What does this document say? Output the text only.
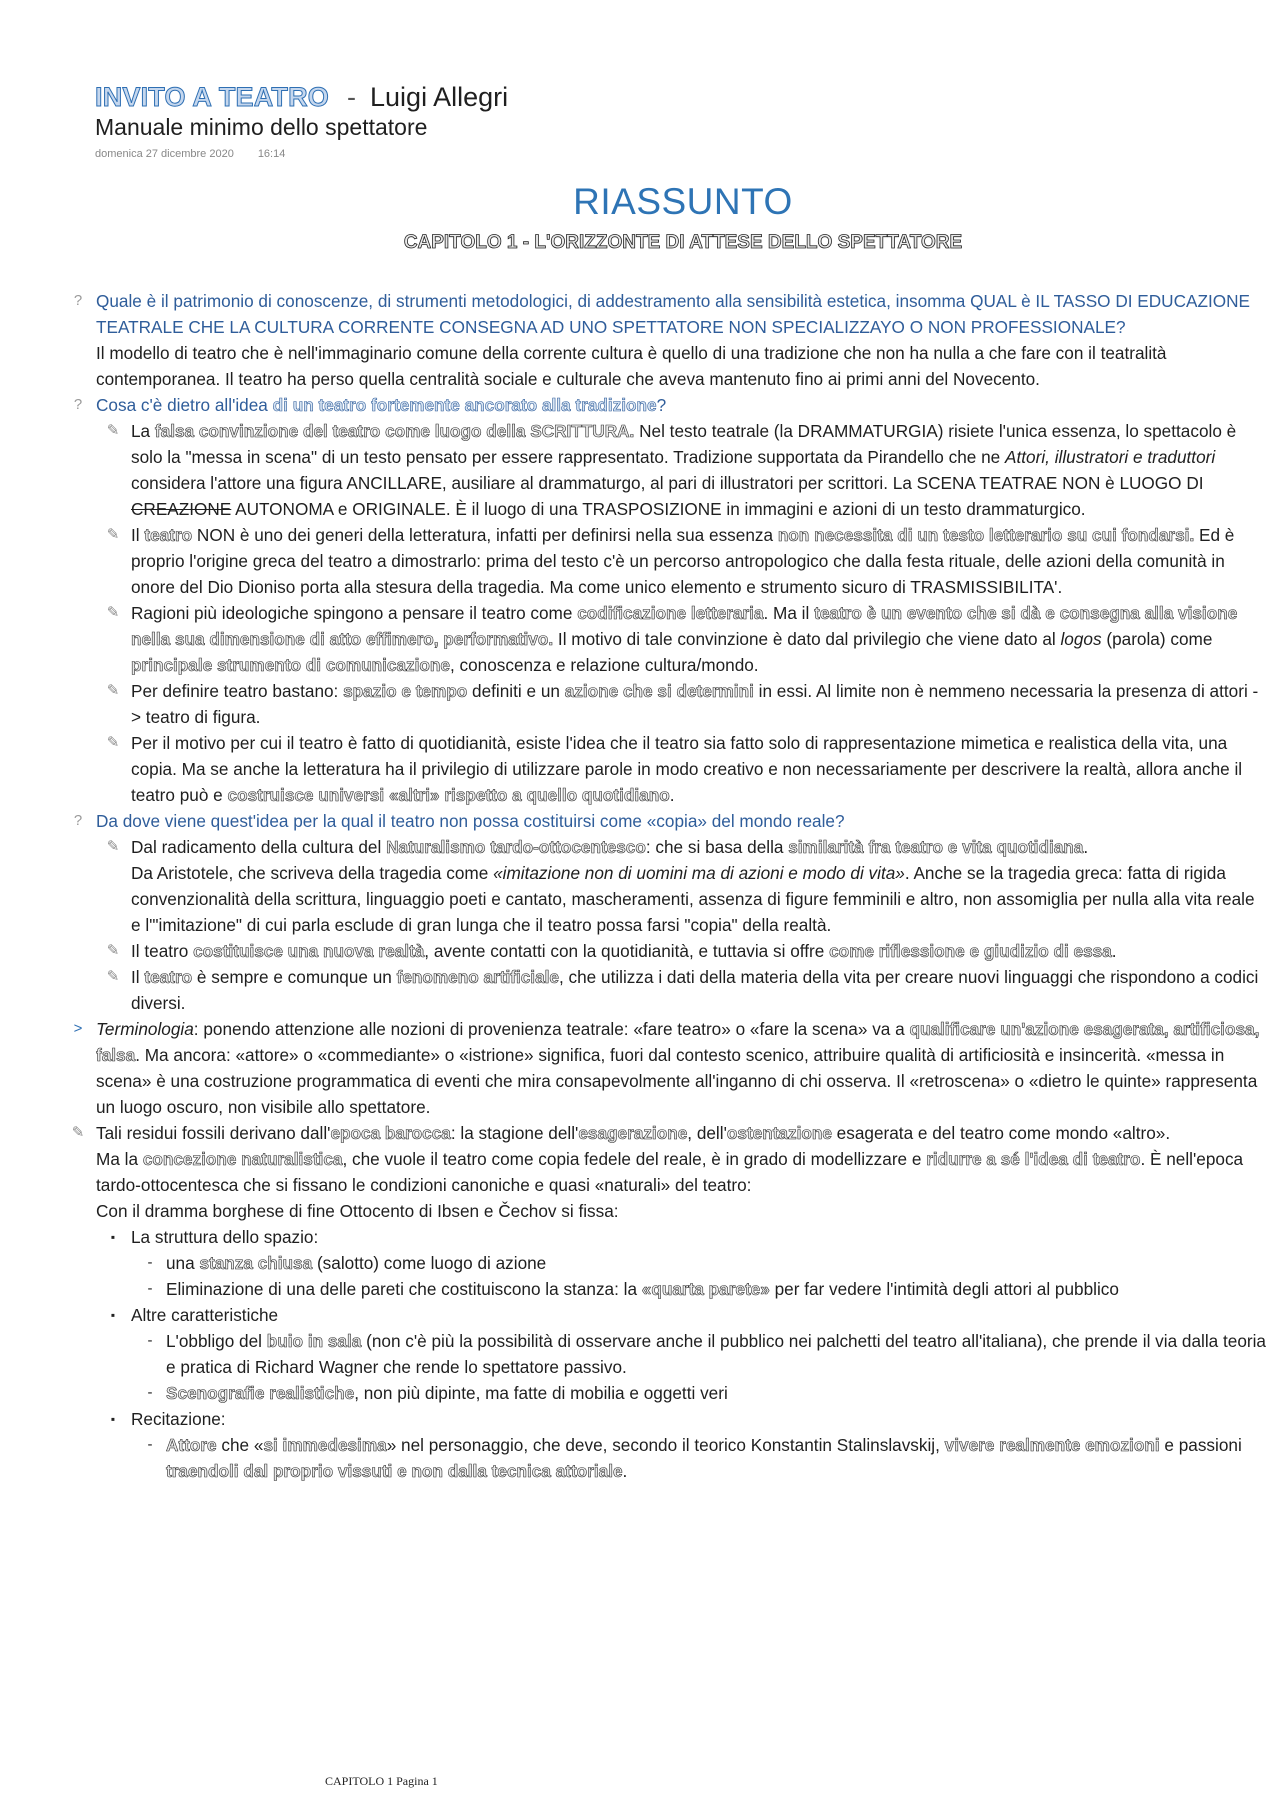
INVITO A TEATRO - Luigi Allegri
Manuale minimo dello spettatore
domenica 27 dicembre 2020 16:14
RIASSUNTO
CAPITOLO 1 - L'ORIZZONTE DI ATTESE DELLO SPETTATORE
? Quale è il patrimonio di conoscenze, di strumenti metodologici, di addestramento alla sensibilità estetica, insomma QUAL è IL TASSO DI EDUCAZIONE TEATRALE CHE LA CULTURA CORRENTE CONSEGNA AD UNO SPETTATORE NON SPECIALIZZAYO O NON PROFESSIONALE?
Il modello di teatro che è nell'immaginario comune della corrente cultura è quello di una tradizione che non ha nulla a che fare con il teatralità contemporanea. Il teatro ha perso quella centralità sociale e culturale che aveva mantenuto fino ai primi anni del Novecento.
? Cosa c'è dietro all'idea di un teatro fortemente ancorato alla tradizione?
✎ La falsa convinzione del teatro come luogo della SCRITTURA. Nel testo teatrale (la DRAMMATURGIA) risiete l'unica essenza, lo spettacolo è solo la "messa in scena" di un testo pensato per essere rappresentato. Tradizione supportata da Pirandello che ne Attori, illustratori e traduttori considera l'attore una figura ANCILLARE, ausiliare al drammaturgo, al pari di illustratori per scrittori. La SCENA TEATRAE NON è LUOGO DI CREAZIONE AUTONOMA e ORIGINALE. È il luogo di una TRASPOSIZIONE in immagini e azioni di un testo drammaturgico.
✎ Il teatro NON è uno dei generi della letteratura, infatti per definirsi nella sua essenza non necessita di un testo letterario su cui fondarsi. Ed è proprio l'origine greca del teatro a dimostrarlo: prima del testo c'è un percorso antropologico che dalla festa rituale, delle azioni della comunità in onore del Dio Dioniso porta alla stesura della tragedia. Ma come unico elemento e strumento sicuro di TRASMISSIBILITA'.
✎ Ragioni più ideologiche spingono a pensare il teatro come codificazione letteraria. Ma il teatro è un evento che si dà e consegna alla visione nella sua dimensione di atto effimero, performativo. Il motivo di tale convinzione è dato dal privilegio che viene dato al logos (parola) come principale strumento di comunicazione, conoscenza e relazione cultura/mondo.
✎ Per definire teatro bastano: spazio e tempo definiti e un azione che si determini in essi. Al limite non è nemmeno necessaria la presenza di attori -> teatro di figura.
✎ Per il motivo per cui il teatro è fatto di quotidianità, esiste l'idea che il teatro sia fatto solo di rappresentazione mimetica e realistica della vita, una copia. Ma se anche la letteratura ha il privilegio di utilizzare parole in modo creativo e non necessariamente per descrivere la realtà, allora anche il teatro può e costruisce universi «altri» rispetto a quello quotidiano.
? Da dove viene quest'idea per la qual il teatro non possa costituirsi come «copia» del mondo reale?
✎ Dal radicamento della cultura del Naturalismo tardo-ottocentesco: che si basa della similarità fra teatro e vita quotidiana.
Da Aristotele, che scriveva della tragedia come «imitazione non di uomini ma di azioni e modo di vita». Anche se la tragedia greca: fatta di rigida convenzionalità della scrittura, linguaggio poeti e cantato, mascheramenti, assenza di figure femminili e altro, non assomiglia per nulla alla vita reale e l'"imitazione" di cui parla esclude di gran lunga che il teatro possa farsi "copia" della realtà.
✎ Il teatro costituisce una nuova realtà, avente contatti con la quotidianità, e tuttavia si offre come riflessione e giudizio di essa.
✎ Il teatro è sempre e comunque un fenomeno artificiale, che utilizza i dati della materia della vita per creare nuovi linguaggi che rispondono a codici diversi.
> Terminologia: ponendo attenzione alle nozioni di provenienza teatrale: «fare teatro» o «fare la scena» va a qualificare un'azione esagerata, artificiosa, falsa. Ma ancora: «attore» o «commediante» o «istrione» significa, fuori dal contesto scenico, attribuire qualità di artificiosità e insincerità. «messa in scena» è una costruzione programmatica di eventi che mira consapevolmente all'inganno di chi osserva. Il «retroscena» o «dietro le quinte» rappresenta un luogo oscuro, non visibile allo spettatore.
✎ Tali residui fossili derivano dall'epoca barocca: la stagione dell'esagerazione, dell'ostentazione esagerata e del teatro come mondo «altro».
Ma la concezione naturalistica, che vuole il teatro come copia fedele del reale, è in grado di modellizzare e ridurre a sé l'idea di teatro. È nell'epoca tardo-ottocentesca che si fissano le condizioni canoniche e quasi «naturali» del teatro:
Con il dramma borghese di fine Ottocento di Ibsen e Čechov si fissa:
▪ La struttura dello spazio:
- una stanza chiusa (salotto) come luogo di azione
- Eliminazione di una delle pareti che costituiscono la stanza: la «quarta parete» per far vedere l'intimità degli attori al pubblico
▪ Altre caratteristiche
- L'obbligo del buio in sala (non c'è più la possibilità di osservare anche il pubblico nei palchetti del teatro all'italiana), che prende il via dalla teoria e pratica di Richard Wagner che rende lo spettatore passivo.
- Scenografie realistiche, non più dipinte, ma fatte di mobilia e oggetti veri
▪ Recitazione:
- Attore che «si immedesima» nel personaggio, che deve, secondo il teorico Konstantin Stalinslavskij, vivere realmente emozioni e passioni traendoli dal proprio vissuti e non dalla tecnica attoriale.
CAPITOLO 1 Pagina 1
